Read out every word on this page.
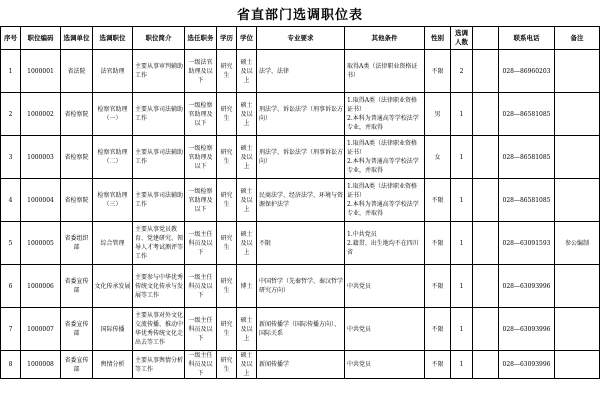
省直部门选调职位表
序号	职位编码	选调单位	选调职位	职位简介	选任职务	学历	学位	专业要求	其他条件	性别	选调人数		联系电话	备注
1	1000001	省法院	法官助理	主要从事审判辅助工作	一级法官助理及以下	研究生	硕士及以上	法学、法律	取得A类（法律职业资格证书）	不限	2		028—86960203	
2	1000002	省检察院	检察官助理（一）	主要从事司法辅助工作	一级检察官助理及以下	研究生	硕士及以上	刑法学、诉讼法学（刑事诉讼方向）	1.取得A类（法律职业资格证书）
2.本科为普通高等学校法学专业，并取得	男	1		028—86581085	
3	1000003	省检察院	检察官助理（二）	主要从事司法辅助工作	一级检察官助理及以下	研究生	硕士及以上	刑法学、诉讼法学（刑事诉讼方向）	1.取得A类（法律职业资格证书）
2.本科为普通高等学校法学专业，并取得	女	1		028—86581085	
4	1000004	省检察院	检察官助理（三）	主要从事司法辅助工作	一级检察官助理及以下	研究生	硕士及以上	民商法学、经济法学、环境与资源保护法学	1.取得A类（法律职业资格证书）
2.本科为普通高等学校法学专业，并取得	不限	1		028—86581085	
5	1000005	省委组织部	综合管理	主要从事党员教育、党建研究、领导人才考试测评等工作	一级主任科员及以下	研究生	硕士及以上	不限	1.中共党员
2.籍贯、出生地均不在四川省	不限	1		028—63091593	参公编制
6	1000006	省委宣传部	文化传承发展	主要参与中华优秀传统文化传承与发展等工作	一级主任科员及以下	研究生	博士	中国哲学（先秦哲学、秦汉哲学研究方向）	中共党员	不限	1		028—63093996	
7	1000007	省委宣传部	国际传播	主要从事对外文化交流传播、推动中华优秀传统文化走出去等工作	一级主任科员及以下	研究生	硕士及以上	新闻传播学（国际传播方向）、国际关系	中共党员	不限	1		028—63093996	
8	1000008	省委宣传部	舆情分析	主要从事舆情分析等工作	一级主任科员及以下	研究生	硕士及以上	新闻传播学	中共党员	不限	1		028—63093996	
